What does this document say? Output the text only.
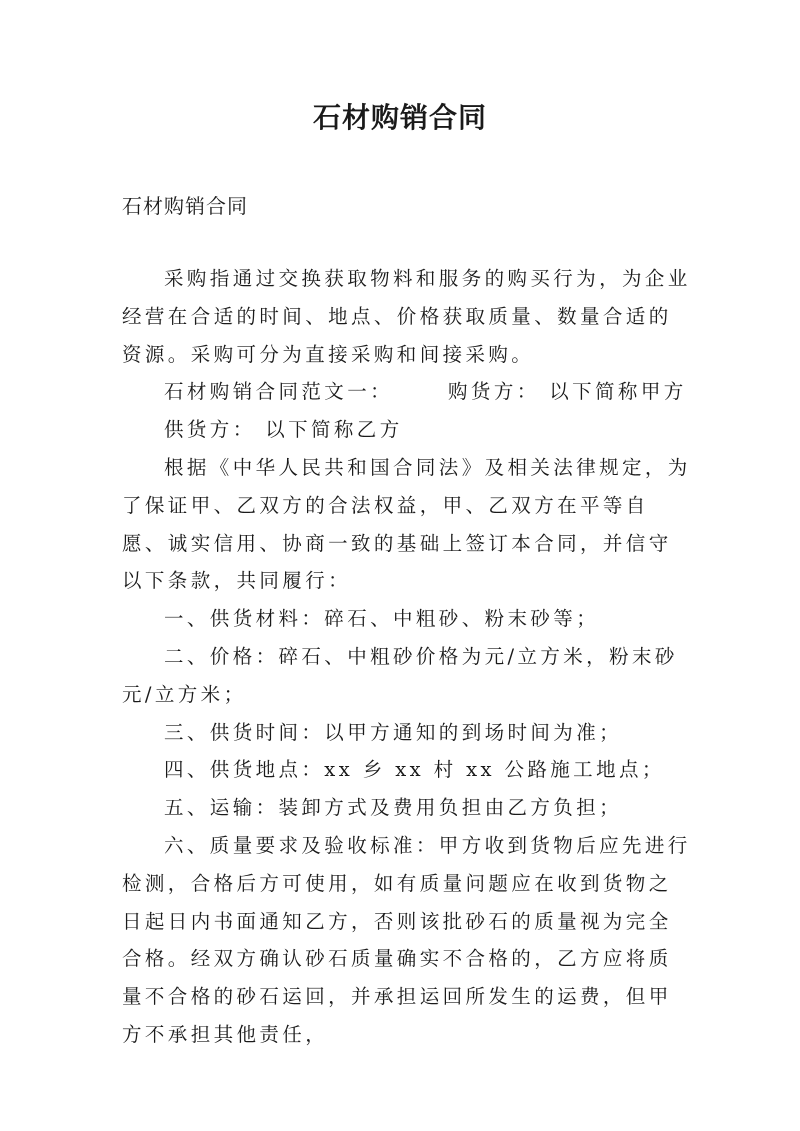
石材购销合同
石材购销合同

采购指通过交换获取物料和服务的购买行为，为企业经营在合适的时间、地点、价格获取质量、数量合适的资源。采购可分为直接采购和间接采购。

石材购销合同范文一：	购货方： 以下简称甲方

供货方： 以下简称乙方

根据《中华人民共和国合同法》及相关法律规定，为了保证甲、乙双方的合法权益，甲、乙双方在平等自愿、诚实信用、协商一致的基础上签订本合同，并信守以下条款，共同履行：

一、供货材料：碎石、中粗砂、粉末砂等；

二、价格：碎石、中粗砂价格为元/立方米，粉末砂 元/立方米；

三、供货时间：以甲方通知的到场时间为准；

四、供货地点：xx 乡 xx 村 xx 公路施工地点；

五、运输：装卸方式及费用负担由乙方负担；

六、质量要求及验收标准：甲方收到货物后应先进行检测，合格后方可使用，如有质量问题应在收到货物之日起日内书面通知乙方，否则该批砂石的质量视为完全合格。经双方确认砂石质量确实不合格的，乙方应将质量不合格的砂石运回，并承担运回所发生的运费，但甲方不承担其他责任，
